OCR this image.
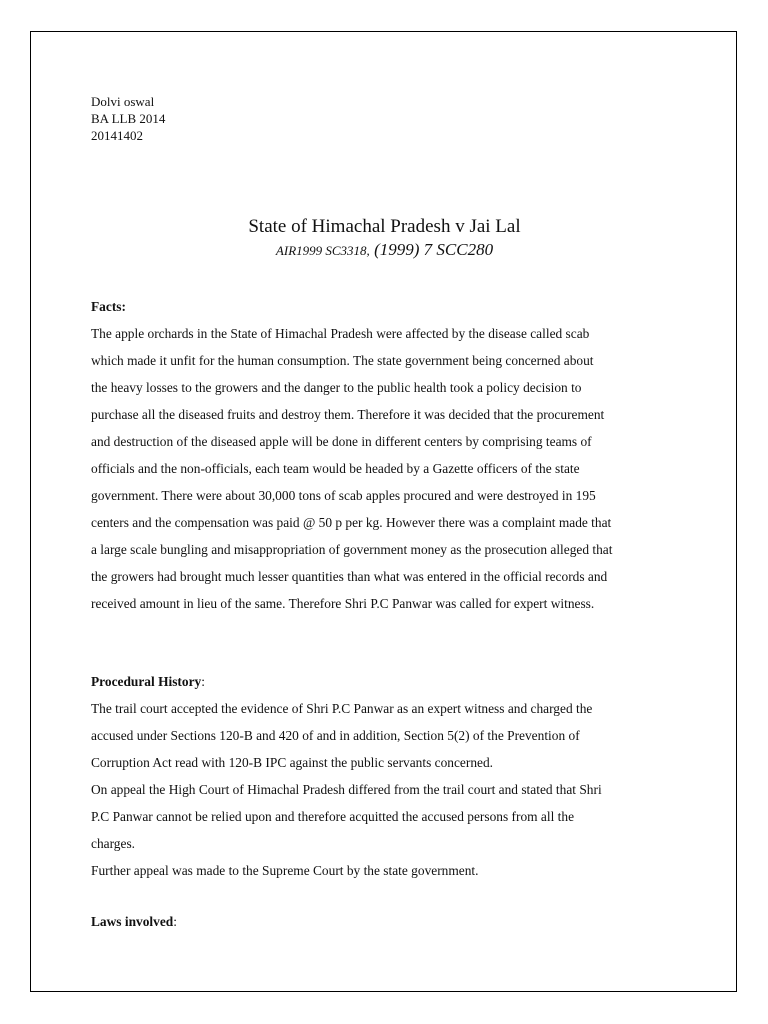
Dolvi oswal
BA LLB 2014
20141402
State of Himachal Pradesh v Jai Lal
AIR1999 SC3318, (1999) 7 SCC280
Facts:
The apple orchards in the State of Himachal Pradesh were affected by the disease called scab
which made it unfit for the human consumption. The state government being concerned about
the heavy losses to the growers and the danger to the public health took a policy decision to
purchase all the diseased fruits and destroy them. Therefore it was decided that the procurement
and destruction of the diseased apple will be done in different centers by comprising teams of
officials and the non-officials, each team would be headed by a Gazette officers of the state
government. There were about 30,000 tons of scab apples procured and were destroyed in 195
centers and the compensation was paid @ 50 p per kg. However there was a complaint made that
a large scale bungling and misappropriation of government money as the prosecution alleged that
the growers had brought much lesser quantities than what was entered in the official records and
received amount in lieu of the same. Therefore Shri P.C Panwar was called for expert witness.
Procedural History:
The trail court accepted the evidence of Shri P.C Panwar as an expert witness and charged the
accused under Sections 120-B and 420 of and in addition, Section 5(2) of the Prevention of
Corruption Act read with 120-B IPC against the public servants concerned.
On appeal the High Court of Himachal Pradesh differed from the trail court and stated that Shri
P.C Panwar cannot be relied upon and therefore acquitted the accused persons from all the
charges.
Further appeal was made to the Supreme Court by the state government.
Laws involved:
